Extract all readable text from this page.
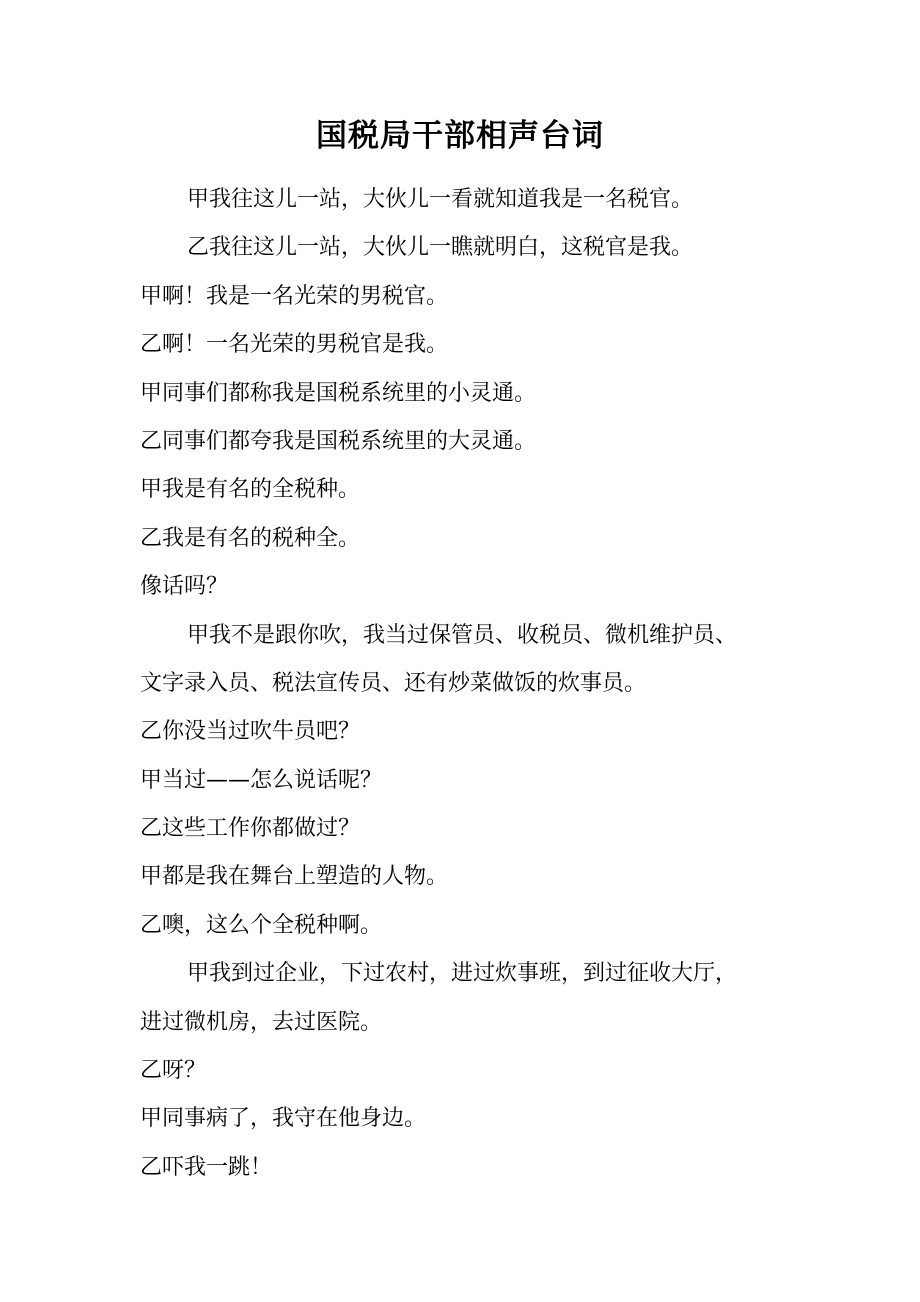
国税局干部相声台词
甲我往这儿一站，大伙儿一看就知道我是一名税官。
乙我往这儿一站，大伙儿一瞧就明白，这税官是我。
甲啊！我是一名光荣的男税官。
乙啊！一名光荣的男税官是我。
甲同事们都称我是国税系统里的小灵通。
乙同事们都夸我是国税系统里的大灵通。
甲我是有名的全税种。
乙我是有名的税种全。
像话吗？
甲我不是跟你吹，我当过保管员、收税员、微机维护员、
文字录入员、税法宣传员、还有炒菜做饭的炊事员。
乙你没当过吹牛员吧？
甲当过——怎么说话呢？
乙这些工作你都做过？
甲都是我在舞台上塑造的人物。
乙噢，这么个全税种啊。
甲我到过企业，下过农村，进过炊事班，到过征收大厅，
进过微机房，去过医院。
乙呀？
甲同事病了，我守在他身边。
乙吓我一跳！
